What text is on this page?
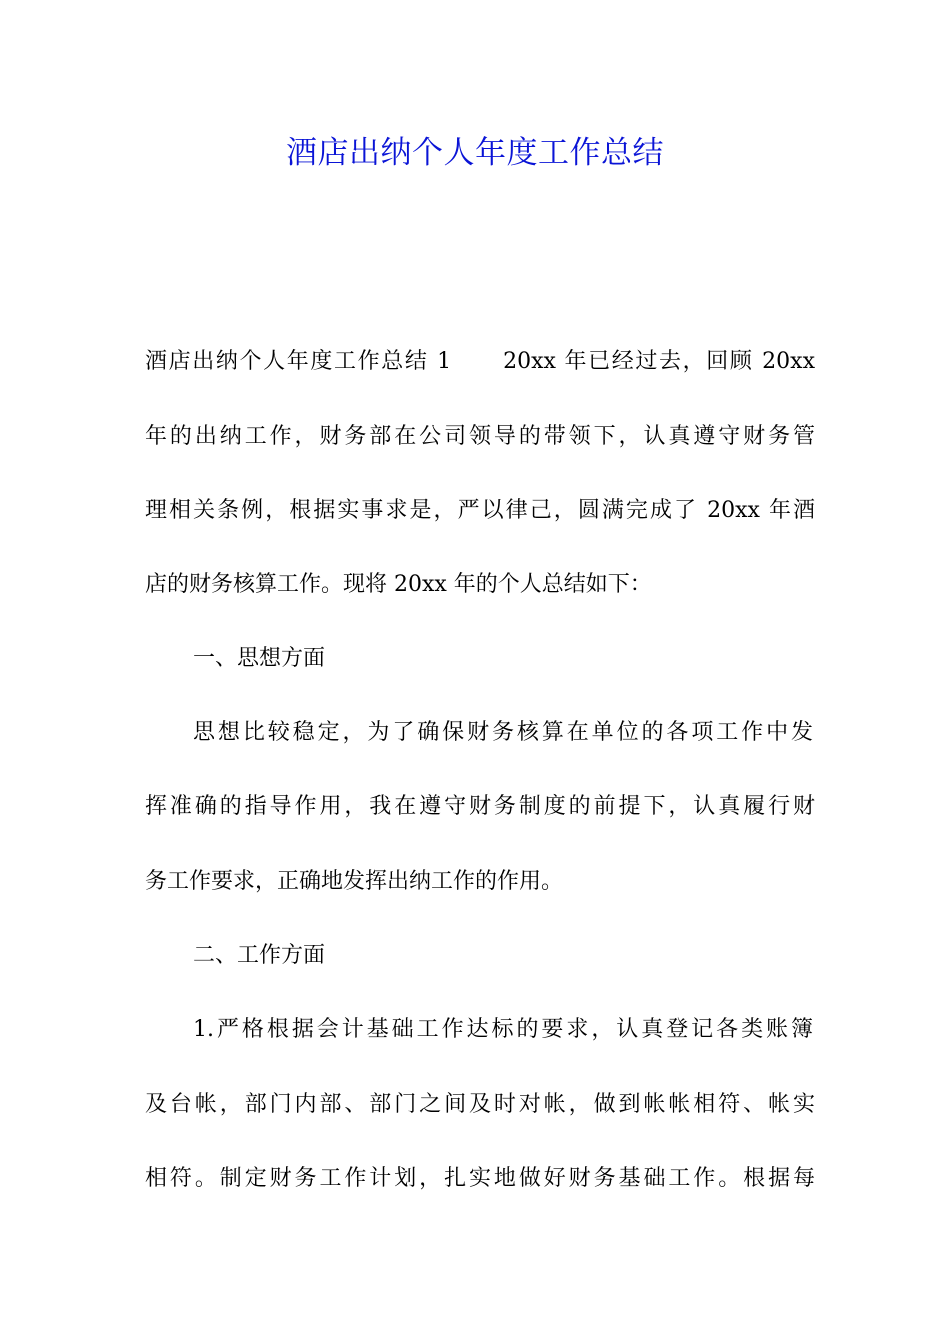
酒店出纳个人年度工作总结
酒店出纳个人年度工作总结 1 20xx 年已经过去，回顾 20xx
年的出纳工作，财务部在公司领导的带领下，认真遵守财务管
理相关条例，根据实事求是，严以律己，圆满完成了 20xx 年酒
店的财务核算工作。现将 20xx 年的个人总结如下：
一、思想方面
思想比较稳定，为了确保财务核算在单位的各项工作中发
挥准确的指导作用，我在遵守财务制度的前提下，认真履行财
务工作要求，正确地发挥出纳工作的作用。
二、工作方面
1.严格根据会计基础工作达标的要求，认真登记各类账簿
及台帐，部门内部、部门之间及时对帐，做到帐帐相符、帐实
相符。制定财务工作计划，扎实地做好财务基础工作。根据每
